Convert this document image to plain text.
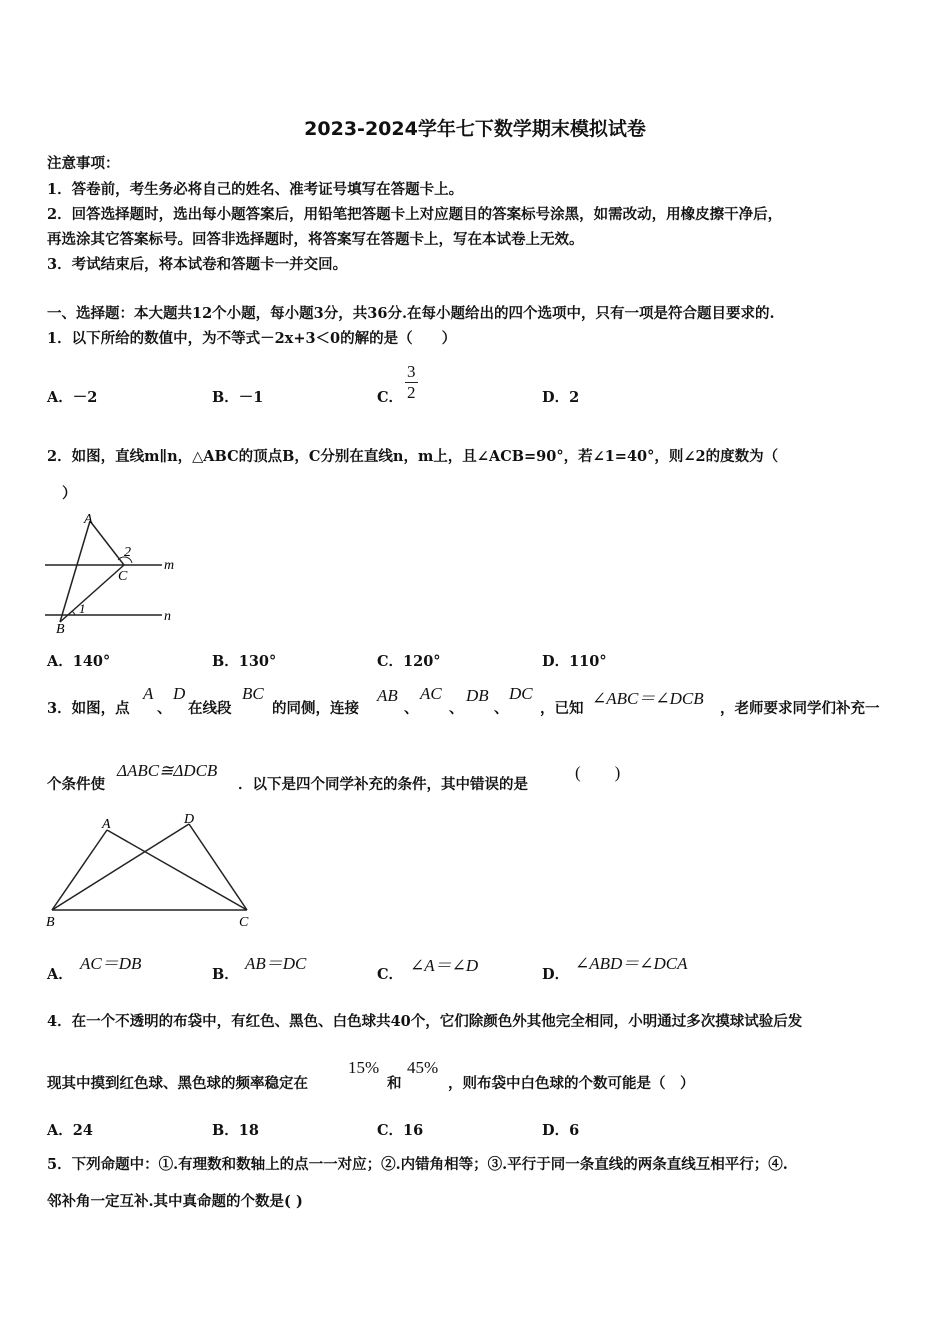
2023-2024学年七下数学期末模拟试卷
注意事项：
1．答卷前，考生务必将自己的姓名、准考证号填写在答题卡上。
2．回答选择题时，选出每小题答案后，用铅笔把答题卡上对应题目的答案标号涂黑，如需改动，用橡皮擦干净后，
再选涂其它答案标号。回答非选择题时，将答案写在答题卡上，写在本试卷上无效。
3．考试结束后，将本试卷和答题卡一并交回。
一、选择题：本大题共12个小题，每小题3分，共36分.在每小题给出的四个选项中，只有一项是符合题目要求的.
1．以下所给的数值中，为不等式－2x+3＜0的解的是（　　）
A．－2	B．－1	C． $\frac{3}{2}$	D．2
2．如图，直线m∥n，△ABC的顶点B，C分别在直线n，m上，且∠ACB=90°，若∠1=40°，则∠2的度数为（
）
A
2
C
m
1
B
n
A．140°	B．130°	C．120°	D．110°
3．如图，点
A
、
D
在线段
BC
的同侧，连接
AB
、
AC
、
DB
、
DC
，已知
∠ABC＝∠DCB
，老师要求同学们补充一
个条件使
ΔABC≅ΔDCB
．以下是四个同学补充的条件，其中错误的是
(　　)
A	D
B	C
A．
AC＝DB
B．
AB＝DC
C． ∠A＝∠D	D．
∠ABD＝∠DCA
4．在一个不透明的布袋中，有红色、黑色、白色球共40个，它们除颜色外其他完全相同，小明通过多次摸球试验后发
现其中摸到红色球、黑色球的频率稳定在
15%
和
45%
，则布袋中白色球的个数可能是（　）
A．24	B．18	C．16	D．6
5．下列命题中：①.有理数和数轴上的点一一对应；②.内错角相等；③.平行于同一条直线的两条直线互相平行；④.
邻补角一定互补.其中真命题的个数是( )
